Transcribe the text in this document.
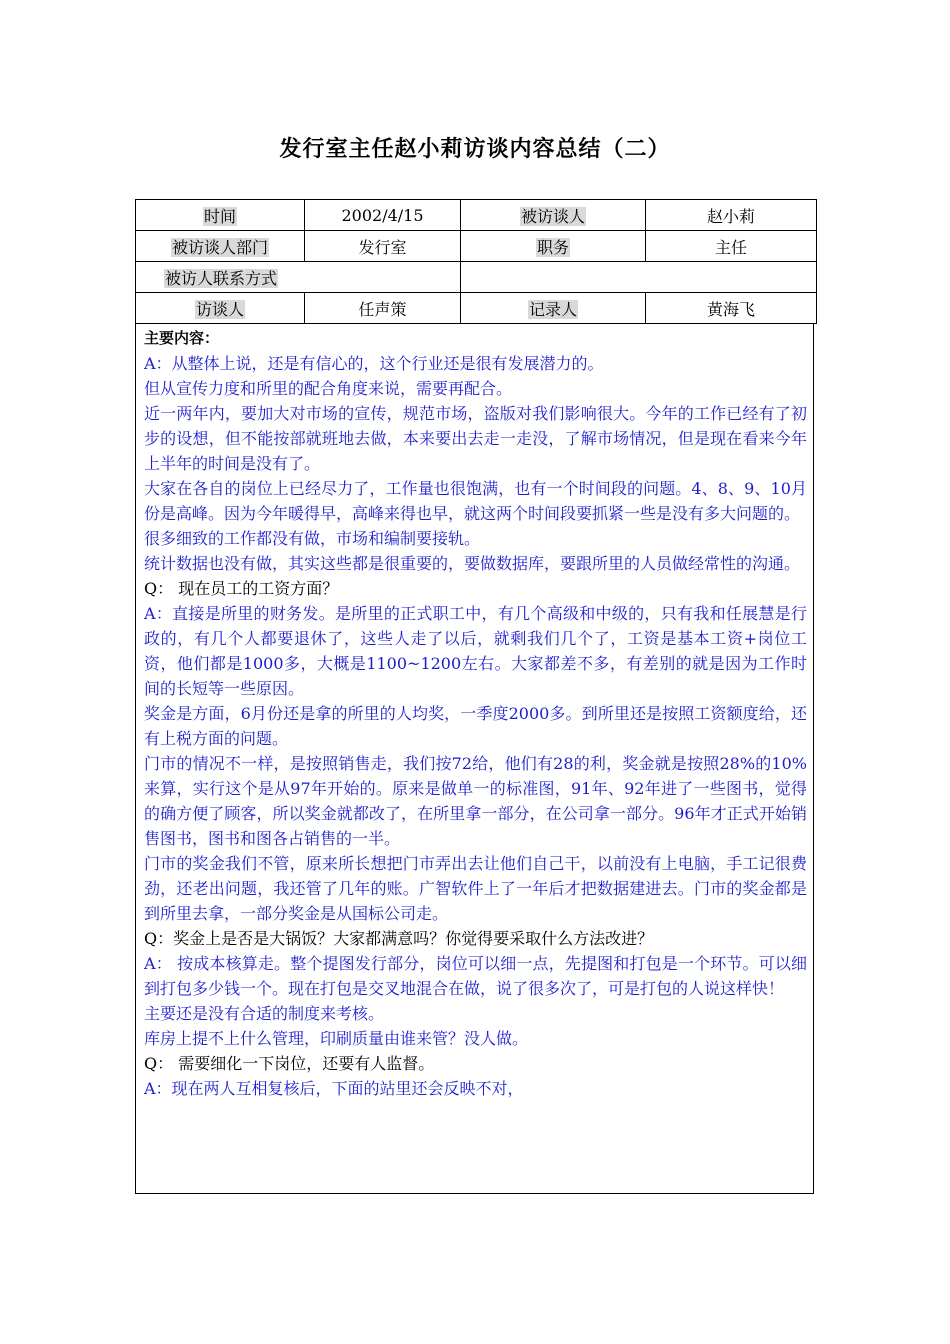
发行室主任赵小莉访谈内容总结（二）
时间	2002/4/15	被访谈人	赵小莉
被访谈人部门	发行室	职务	主任
被访人联系方式			
访谈人	任声策	记录人	黄海飞

主要内容：

A：从整体上说，还是有信心的，这个行业还是很有发展潜力的。

但从宣传力度和所里的配合角度来说，需要再配合。

近一两年内，要加大对市场的宣传，规范市场，盗版对我们影响很大。今年的工作已经有了初步的设想，但不能按部就班地去做，本来要出去走一走没，了解市场情况，但是现在看来今年上半年的时间是没有了。

大家在各自的岗位上已经尽力了，工作量也很饱满，也有一个时间段的问题。4、8、9、10月份是高峰。因为今年暖得早，高峰来得也早，就这两个时间段要抓紧一些是没有多大问题的。

很多细致的工作都没有做，市场和编制要接轨。

统计数据也没有做，其实这些都是很重要的，要做数据库，要跟所里的人员做经常性的沟通。

Q： 现在员工的工资方面？

A：直接是所里的财务发。是所里的正式职工中，有几个高级和中级的，只有我和任展慧是行政的，有几个人都要退休了，这些人走了以后，就剩我们几个了，工资是基本工资+岗位工资，他们都是1000多，大概是1100~1200左右。大家都差不多，有差别的就是因为工作时间的长短等一些原因。

奖金是方面，6月份还是拿的所里的人均奖，一季度2000多。到所里还是按照工资额度给，还有上税方面的问题。

门市的情况不一样，是按照销售走，我们按72给，他们有28的利，奖金就是按照28%的10%来算，实行这个是从97年开始的。原来是做单一的标准图，91年、92年进了一些图书，觉得的确方便了顾客，所以奖金就都改了，在所里拿一部分，在公司拿一部分。96年才正式开始销售图书，图书和图各占销售的一半。

门市的奖金我们不管，原来所长想把门市弄出去让他们自己干，以前没有上电脑，手工记很费劲，还老出问题，我还管了几年的账。广智软件上了一年后才把数据建进去。门市的奖金都是到所里去拿，一部分奖金是从国标公司走。

Q：奖金上是否是大锅饭？大家都满意吗？你觉得要采取什么方法改进？

A： 按成本核算走。整个提图发行部分，岗位可以细一点，先提图和打包是一个环节。可以细到打包多少钱一个。现在打包是交叉地混合在做，说了很多次了，可是打包的人说这样快！

主要还是没有合适的制度来考核。

库房上提不上什么管理，印刷质量由谁来管？没人做。

Q： 需要细化一下岗位，还要有人监督。

A：现在两人互相复核后，下面的站里还会反映不对，
